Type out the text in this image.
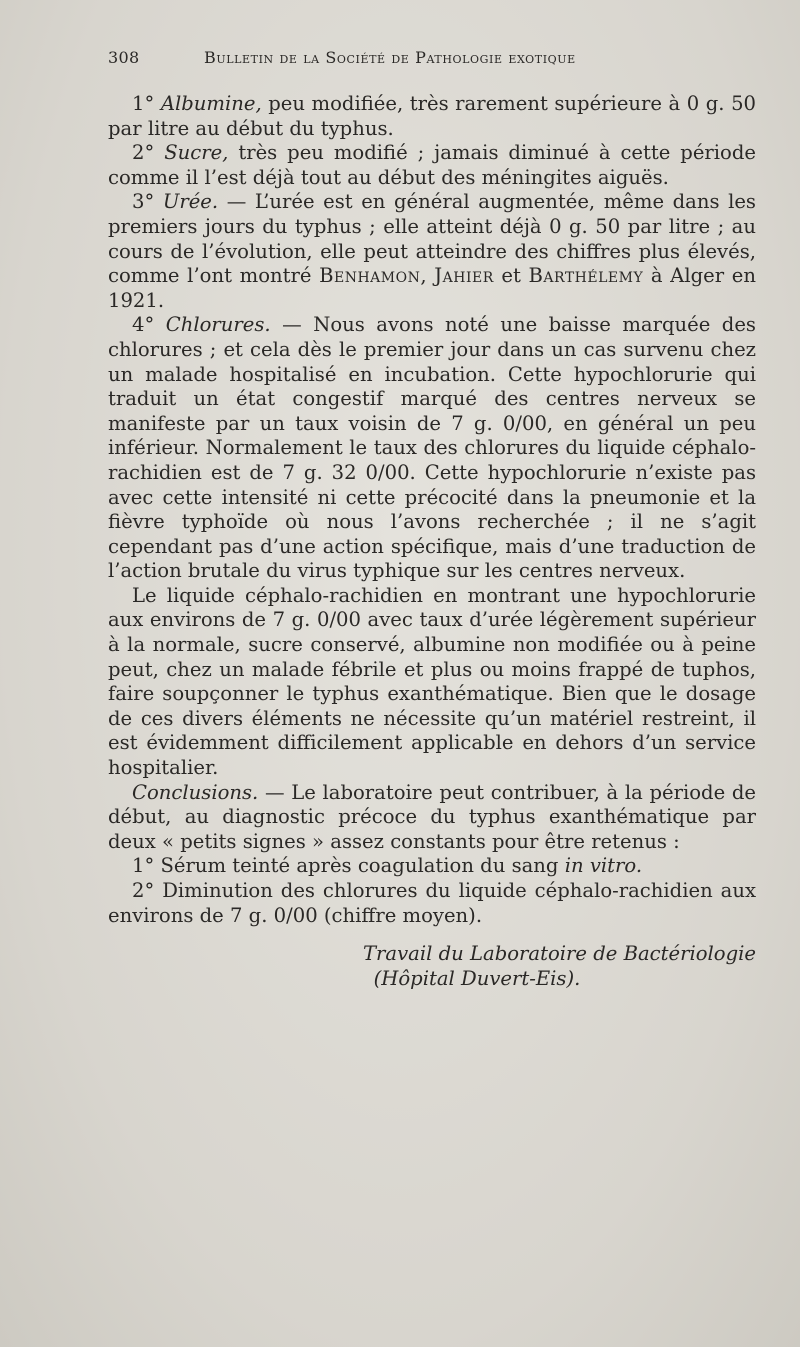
308	Bulletin de la Société de Pathologie exotique

1° Albumine, peu modifiée, très rarement supérieure à 0 g. 50 par litre au début du typhus.

2° Sucre, très peu modifié ; jamais diminué à cette période comme il l’est déjà tout au début des méningites aiguës.

3° Urée. — L’urée est en général augmentée, même dans les premiers jours du typhus ; elle atteint déjà 0 g. 50 par litre ; au cours de l’évolution, elle peut atteindre des chiffres plus élevés, comme l’ont montré Benhamon, Jahier et Barthélemy à Alger en 1921.

4° Chlorures. — Nous avons noté une baisse marquée des chlorures ; et cela dès le premier jour dans un cas survenu chez un malade hospitalisé en incubation. Cette hypochlorurie qui traduit un état congestif marqué des centres nerveux se manifeste par un taux voisin de 7 g. 0/00, en général un peu inférieur. Normalement le taux des chlorures du liquide céphalo-rachidien est de 7 g. 32 0/00. Cette hypochlorurie n’existe pas avec cette intensité ni cette précocité dans la pneumonie et la fièvre typhoïde où nous l’avons recherchée ; il ne s’agit cependant pas d’une action spécifique, mais d’une traduction de l’action brutale du virus typhique sur les centres nerveux.

Le liquide céphalo-rachidien en montrant une hypochlorurie aux environs de 7 g. 0/00 avec taux d’urée légèrement supérieur à la normale, sucre conservé, albumine non modifiée ou à peine peut, chez un malade fébrile et plus ou moins frappé de tuphos, faire soupçonner le typhus exanthématique. Bien que le dosage de ces divers éléments ne nécessite qu’un matériel restreint, il est évidemment difficilement applicable en dehors d’un service hospitalier.

Conclusions. — Le laboratoire peut contribuer, à la période de début, au diagnostic précoce du typhus exanthématique par deux « petits signes » assez constants pour être retenus :

1° Sérum teinté après coagulation du sang in vitro.

2° Diminution des chlorures du liquide céphalo-rachidien aux environs de 7 g. 0/00 (chiffre moyen).

Travail du Laboratoire de Bactériologie
(Hôpital Duvert-Eis).
